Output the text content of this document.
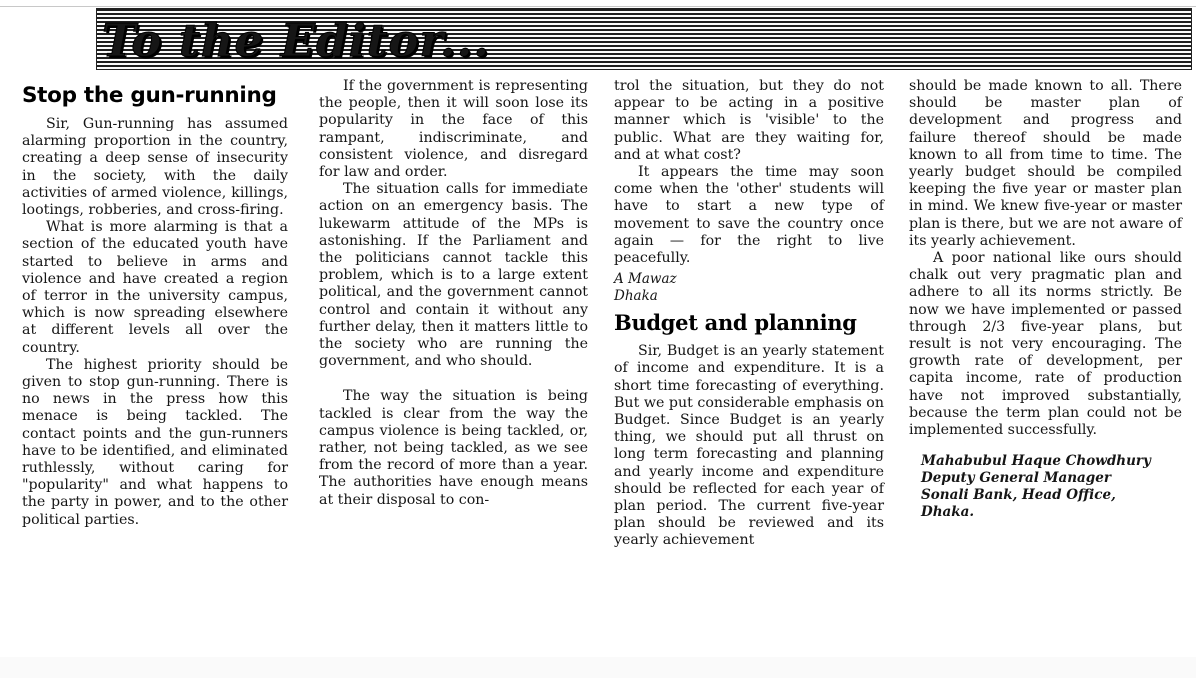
To the Editor...
Stop the gun-running

Sir, Gun-running has assumed alarming proportion in the country, creating a deep sense of insecurity in the society, with the daily activities of armed violence, killings, lootings, robberies, and cross-firing.

What is more alarming is that a section of the educated youth have started to believe in arms and violence and have created a region of terror in the university campus, which is now spreading elsewhere at different levels all over the country.

The highest priority should be given to stop gun-running. There is no news in the press how this menace is being tackled. The contact points and the gun-runners have to be identified, and eliminated ruthlessly, without caring for "popularity" and what happens to the party in power, and to the other political parties.

If the government is representing the people, then it will soon lose its popularity in the face of this rampant, indiscriminate, and consistent violence, and disregard for law and order.

The situation calls for immediate action on an emergency basis. The lukewarm attitude of the MPs is astonishing. If the Parliament and the politicians cannot tackle this problem, which is to a large extent political, and the government cannot control and contain it without any further delay, then it matters little to the society who are running the government, and who should.

The way the situation is being tackled is clear from the way the campus violence is being tackled, or, rather, not being tackled, as we see from the record of more than a year. The authorities have enough means at their disposal to con-

trol the situation, but they do not appear to be acting in a positive manner which is 'visible' to the public. What are they waiting for, and at what cost?

It appears the time may soon come when the 'other' students will have to start a new type of movement to save the country once again — for the right to live peacefully.

A Mawaz

Dhaka

Budget and planning

Sir, Budget is an yearly statement of income and expenditure. It is a short time forecasting of everything. But we put considerable emphasis on Budget. Since Budget is an yearly thing, we should put all thrust on long term forecasting and planning and yearly income and expenditure should be reflected for each year of plan period. The current five-year plan should be reviewed and its yearly achievement

should be made known to all. There should be master plan of development and progress and failure thereof should be made known to all from time to time. The yearly budget should be compiled keeping the five year or master plan in mind. We knew five-year or master plan is there, but we are not aware of its yearly achievement.

A poor national like ours should chalk out very pragmatic plan and adhere to all its norms strictly. Be now we have implemented or passed through 2/3 five-year plans, but result is not very encouraging. The growth rate of development, per capita income, rate of production have not improved substantially, because the term plan could not be implemented successfully.

Mahabubul Haque Chowdhury

Deputy General Manager

Sonali Bank, Head Office,

Dhaka.
